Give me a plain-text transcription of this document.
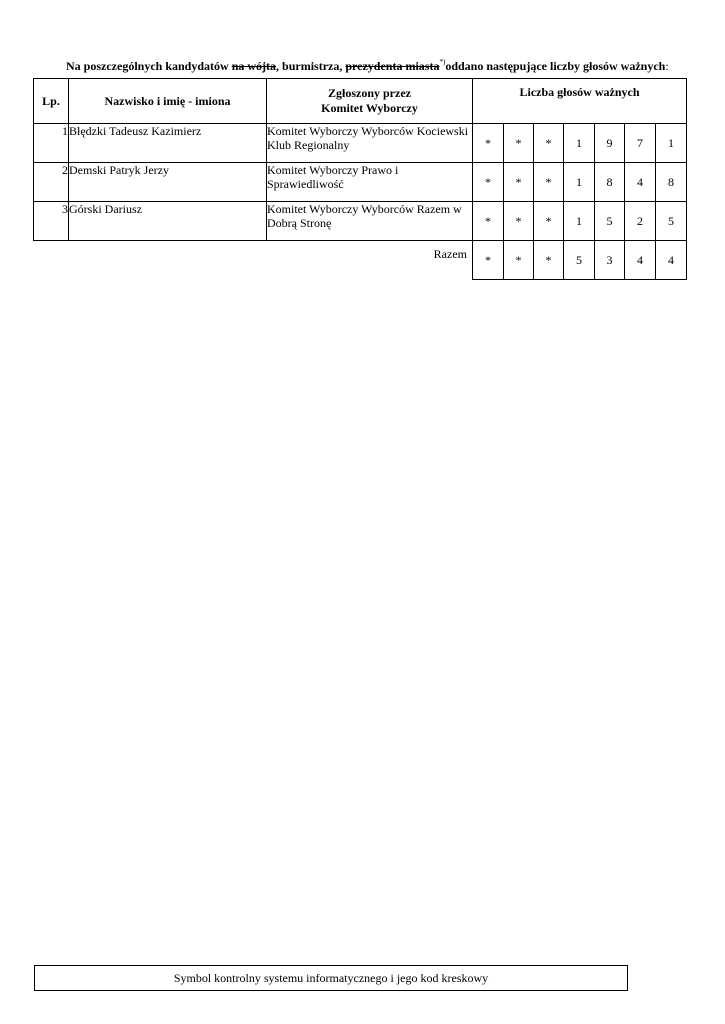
Na poszczególnych kandydatów na wójta, burmistrza, prezydenta miasta*)oddano następujące liczby głosów ważnych:
Lp.	Nazwisko i imię - imiona	Zgłoszony przez
Komitet Wyborczy	Liczba głosów ważnych						
1	Błędzki Tadeusz Kazimierz	Komitet Wyborczy Wyborców Kociewski Klub Regionalny	*	*	*	1	9	7	1
2	Demski Patryk Jerzy	Komitet Wyborczy Prawo i Sprawiedliwość	*	*	*	1	8	4	8
3	Górski Dariusz	Komitet Wyborczy Wyborców Razem w Dobrą Stronę	*	*	*	1	5	2	5
		Razem	*	*	*	5	3	4	4
Symbol kontrolny systemu informatycznego i jego kod kreskowy
